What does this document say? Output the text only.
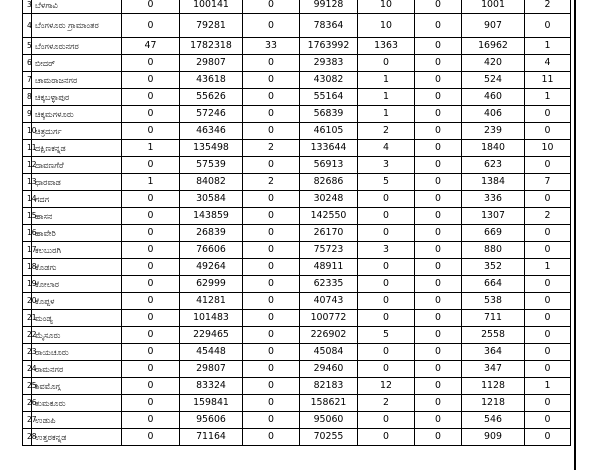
3	ಬೆಳಗಾವಿ	0	100141	0	99128	10	0	1001	2
4	ಬೆಂಗಳೂರು ಗ್ರಾಮಾಂತರ	0	79281	0	78364	10	0	907	0
5	ಬೆಂಗಳೂರುನಗರ	47	1782318	33	1763992	1363	0	16962	1
6	ಬೀದರ್	0	29807	0	29383	0	0	420	4
7	ಚಾಮರಾಜನಗರ	0	43618	0	43082	1	0	524	11
8	ಚಿಕ್ಕಬಳ್ಳಾಪುರ	0	55626	0	55164	1	0	460	1
9	ಚಿಕ್ಕಮಗಳೂರು	0	57246	0	56839	1	0	406	0
10	ಚಿತ್ರದುರ್ಗ	0	46346	0	46105	2	0	239	0
11	ದಕ್ಷಿಣಕನ್ನಡ	1	135498	2	133644	4	0	1840	10
12	ದಾವಣಗೆರೆ	0	57539	0	56913	3	0	623	0
13	ಧಾರವಾಡ	1	84082	2	82686	5	0	1384	7
14	ಗದಗ	0	30584	0	30248	0	0	336	0
15	ಹಾಸನ	0	143859	0	142550	0	0	1307	2
16	ಹಾವೇರಿ	0	26839	0	26170	0	0	669	0
17	ಕಲಬುರಗಿ	0	76606	0	75723	3	0	880	0
18	ಕೊಡಗು	0	49264	0	48911	0	0	352	1
19	ಕೋಲಾರ	0	62999	0	62335	0	0	664	0
20	ಕೊಪ್ಪಳ	0	41281	0	40743	0	0	538	0
21	ಮಂಡ್ಯ	0	101483	0	100772	0	0	711	0
22	ಮೈಸೂರು	0	229465	0	226902	5	0	2558	0
23	ರಾಯಚೂರು	0	45448	0	45084	0	0	364	0
24	ರಾಮನಗರ	0	29807	0	29460	0	0	347	0
25	ಶಿವಮೊಗ್ಗ	0	83324	0	82183	12	0	1128	1
26	ತುಮಕೂರು	0	159841	0	158621	2	0	1218	0
27	ಉಡುಪಿ	0	95606	0	95060	0	0	546	0
28	ಉತ್ತರಕನ್ನಡ	0	71164	0	70255	0	0	909	0
